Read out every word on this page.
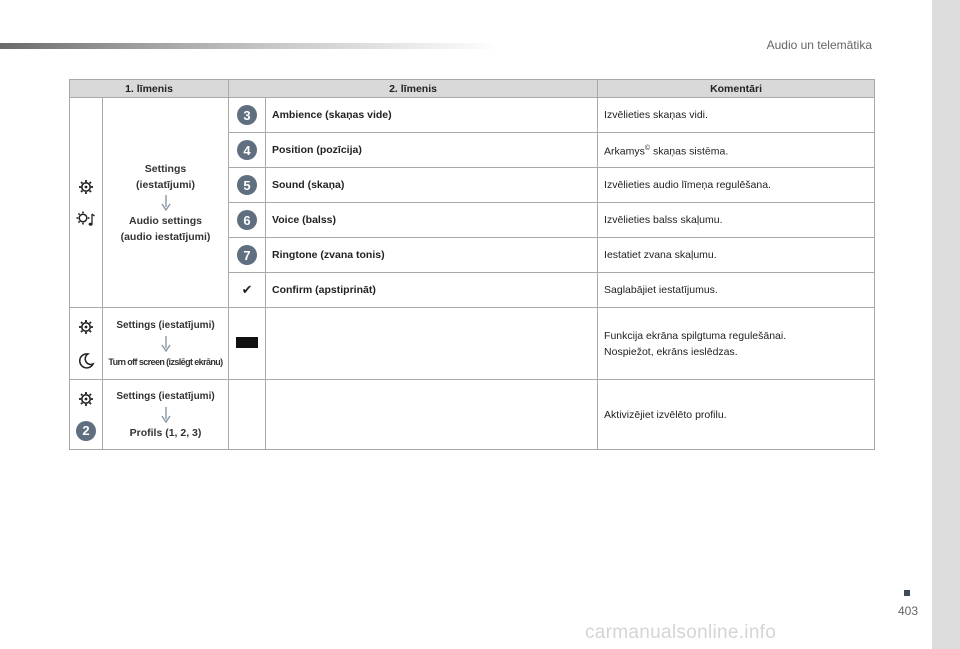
Audio un telemātika
1. līmenis		2. līmenis		Komentāri

	Settings
(iestatījumi)
Audio settings
(audio iestatījumi)	3	Ambience (skaņas vide)	Izvēlieties skaņas vidi.
		4	Position (pozīcija)	Arkamys© skaņas sistēma.
		5	Sound (skaņa)	Izvēlieties audio līmeņa regulēšana.
		6	Voice (balss)	Izvēlieties balss skaļumu.
		7	Ringtone (zvana tonis)	Iestatiet zvana skaļumu.
		✔	Confirm (apstiprināt)	Saglabājiet iestatījumus.

	Settings (iestatījumi)
Turn off screen (izslēgt ekrānu)			Funkcija ekrāna spilgtuma regulešānai.
Nospiežot, ekrāns ieslēdzas.

2	Settings (iestatījumi)
Profils (1, 2, 3)			Aktivizējiet izvēlēto profilu.
403
carmanualsonline.info
